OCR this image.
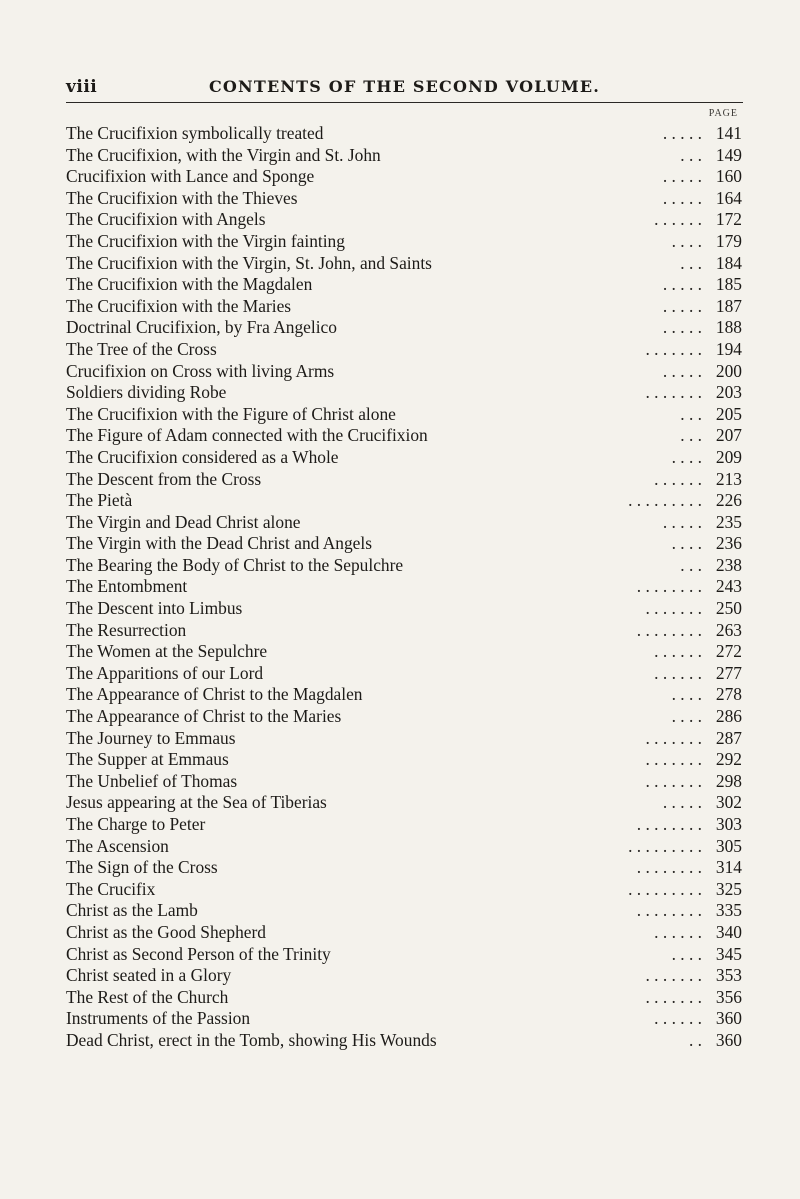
viii	CONTENTS OF THE SECOND VOLUME.
PAGE
The Crucifixion symbolically treated	. . . . . 141
The Crucifixion, with the Virgin and St. John	. . . 149
Crucifixion with Lance and Sponge	. . . . . 160
The Crucifixion with the Thieves	. . . . . 164
The Crucifixion with Angels	. . . . . . 172
The Crucifixion with the Virgin fainting	. . . . 179
The Crucifixion with the Virgin, St. John, and Saints	. . . 184
The Crucifixion with the Magdalen	. . . . . 185
The Crucifixion with the Maries	. . . . . 187
Doctrinal Crucifixion, by Fra Angelico	. . . . . 188
The Tree of the Cross	. . . . . . . 194
Crucifixion on Cross with living Arms	. . . . . 200
Soldiers dividing Robe	. . . . . . . 203
The Crucifixion with the Figure of Christ alone	. . . 205
The Figure of Adam connected with the Crucifixion	. . . 207
The Crucifixion considered as a Whole	. . . . 209
The Descent from the Cross	. . . . . . 213
The Pietà	. . . . . . . . . 226
The Virgin and Dead Christ alone	. . . . . 235
The Virgin with the Dead Christ and Angels	. . . . 236
The Bearing the Body of Christ to the Sepulchre	. . . 238
The Entombment	. . . . . . . . 243
The Descent into Limbus	. . . . . . . 250
The Resurrection	. . . . . . . . 263
The Women at the Sepulchre	. . . . . . 272
The Apparitions of our Lord	. . . . . . 277
The Appearance of Christ to the Magdalen	. . . . 278
The Appearance of Christ to the Maries	. . . . 286
The Journey to Emmaus	. . . . . . . 287
The Supper at Emmaus	. . . . . . . 292
The Unbelief of Thomas	. . . . . . . 298
Jesus appearing at the Sea of Tiberias	. . . . . 302
The Charge to Peter	. . . . . . . . 303
The Ascension	. . . . . . . . . 305
The Sign of the Cross	. . . . . . . . 314
The Crucifix	. . . . . . . . . 325
Christ as the Lamb	. . . . . . . . 335
Christ as the Good Shepherd	. . . . . . 340
Christ as Second Person of the Trinity	. . . . 345
Christ seated in a Glory	. . . . . . . 353
The Rest of the Church	. . . . . . . 356
Instruments of the Passion	. . . . . . 360
Dead Christ, erect in the Tomb, showing His Wounds	. . 360
